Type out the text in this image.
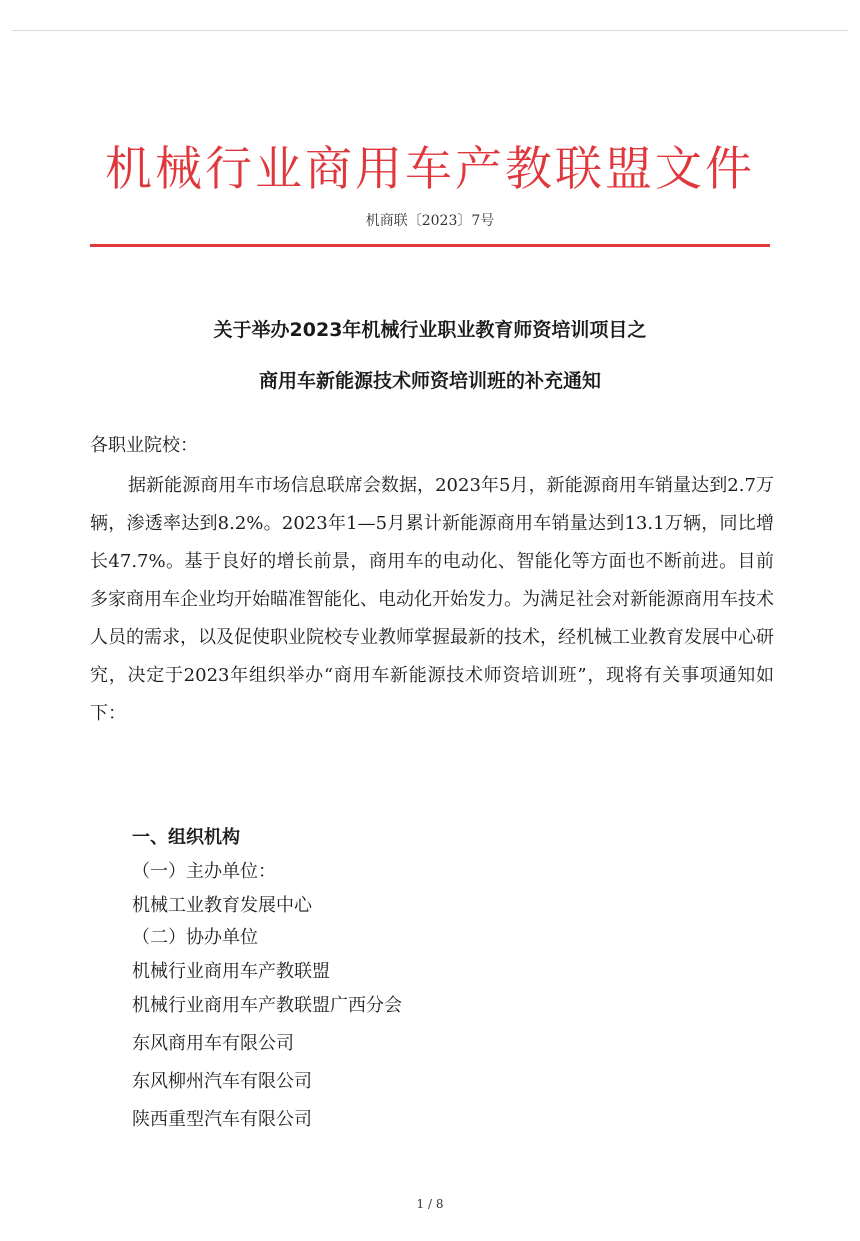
机械行业商用车产教联盟文件
机商联〔2023〕7号
关于举办2023年机械行业职业教育师资培训项目之
商用车新能源技术师资培训班的补充通知
各职业院校：
据新能源商用车市场信息联席会数据，2023年5月，新能源商用车销量达到2.7万辆，渗透率达到8.2%。2023年1—5月累计新能源商用车销量达到13.1万辆，同比增长47.7%。基于良好的增长前景，商用车的电动化、智能化等方面也不断前进。目前多家商用车企业均开始瞄准智能化、电动化开始发力。为满足社会对新能源商用车技术人员的需求，以及促使职业院校专业教师掌握最新的技术，经机械工业教育发展中心研究，决定于2023年组织举办“商用车新能源技术师资培训班”，现将有关事项通知如下：
一、组织机构
（一）主办单位：
机械工业教育发展中心
（二）协办单位
机械行业商用车产教联盟
机械行业商用车产教联盟广西分会
东风商用车有限公司
东风柳州汽车有限公司
陕西重型汽车有限公司
1 / 8
